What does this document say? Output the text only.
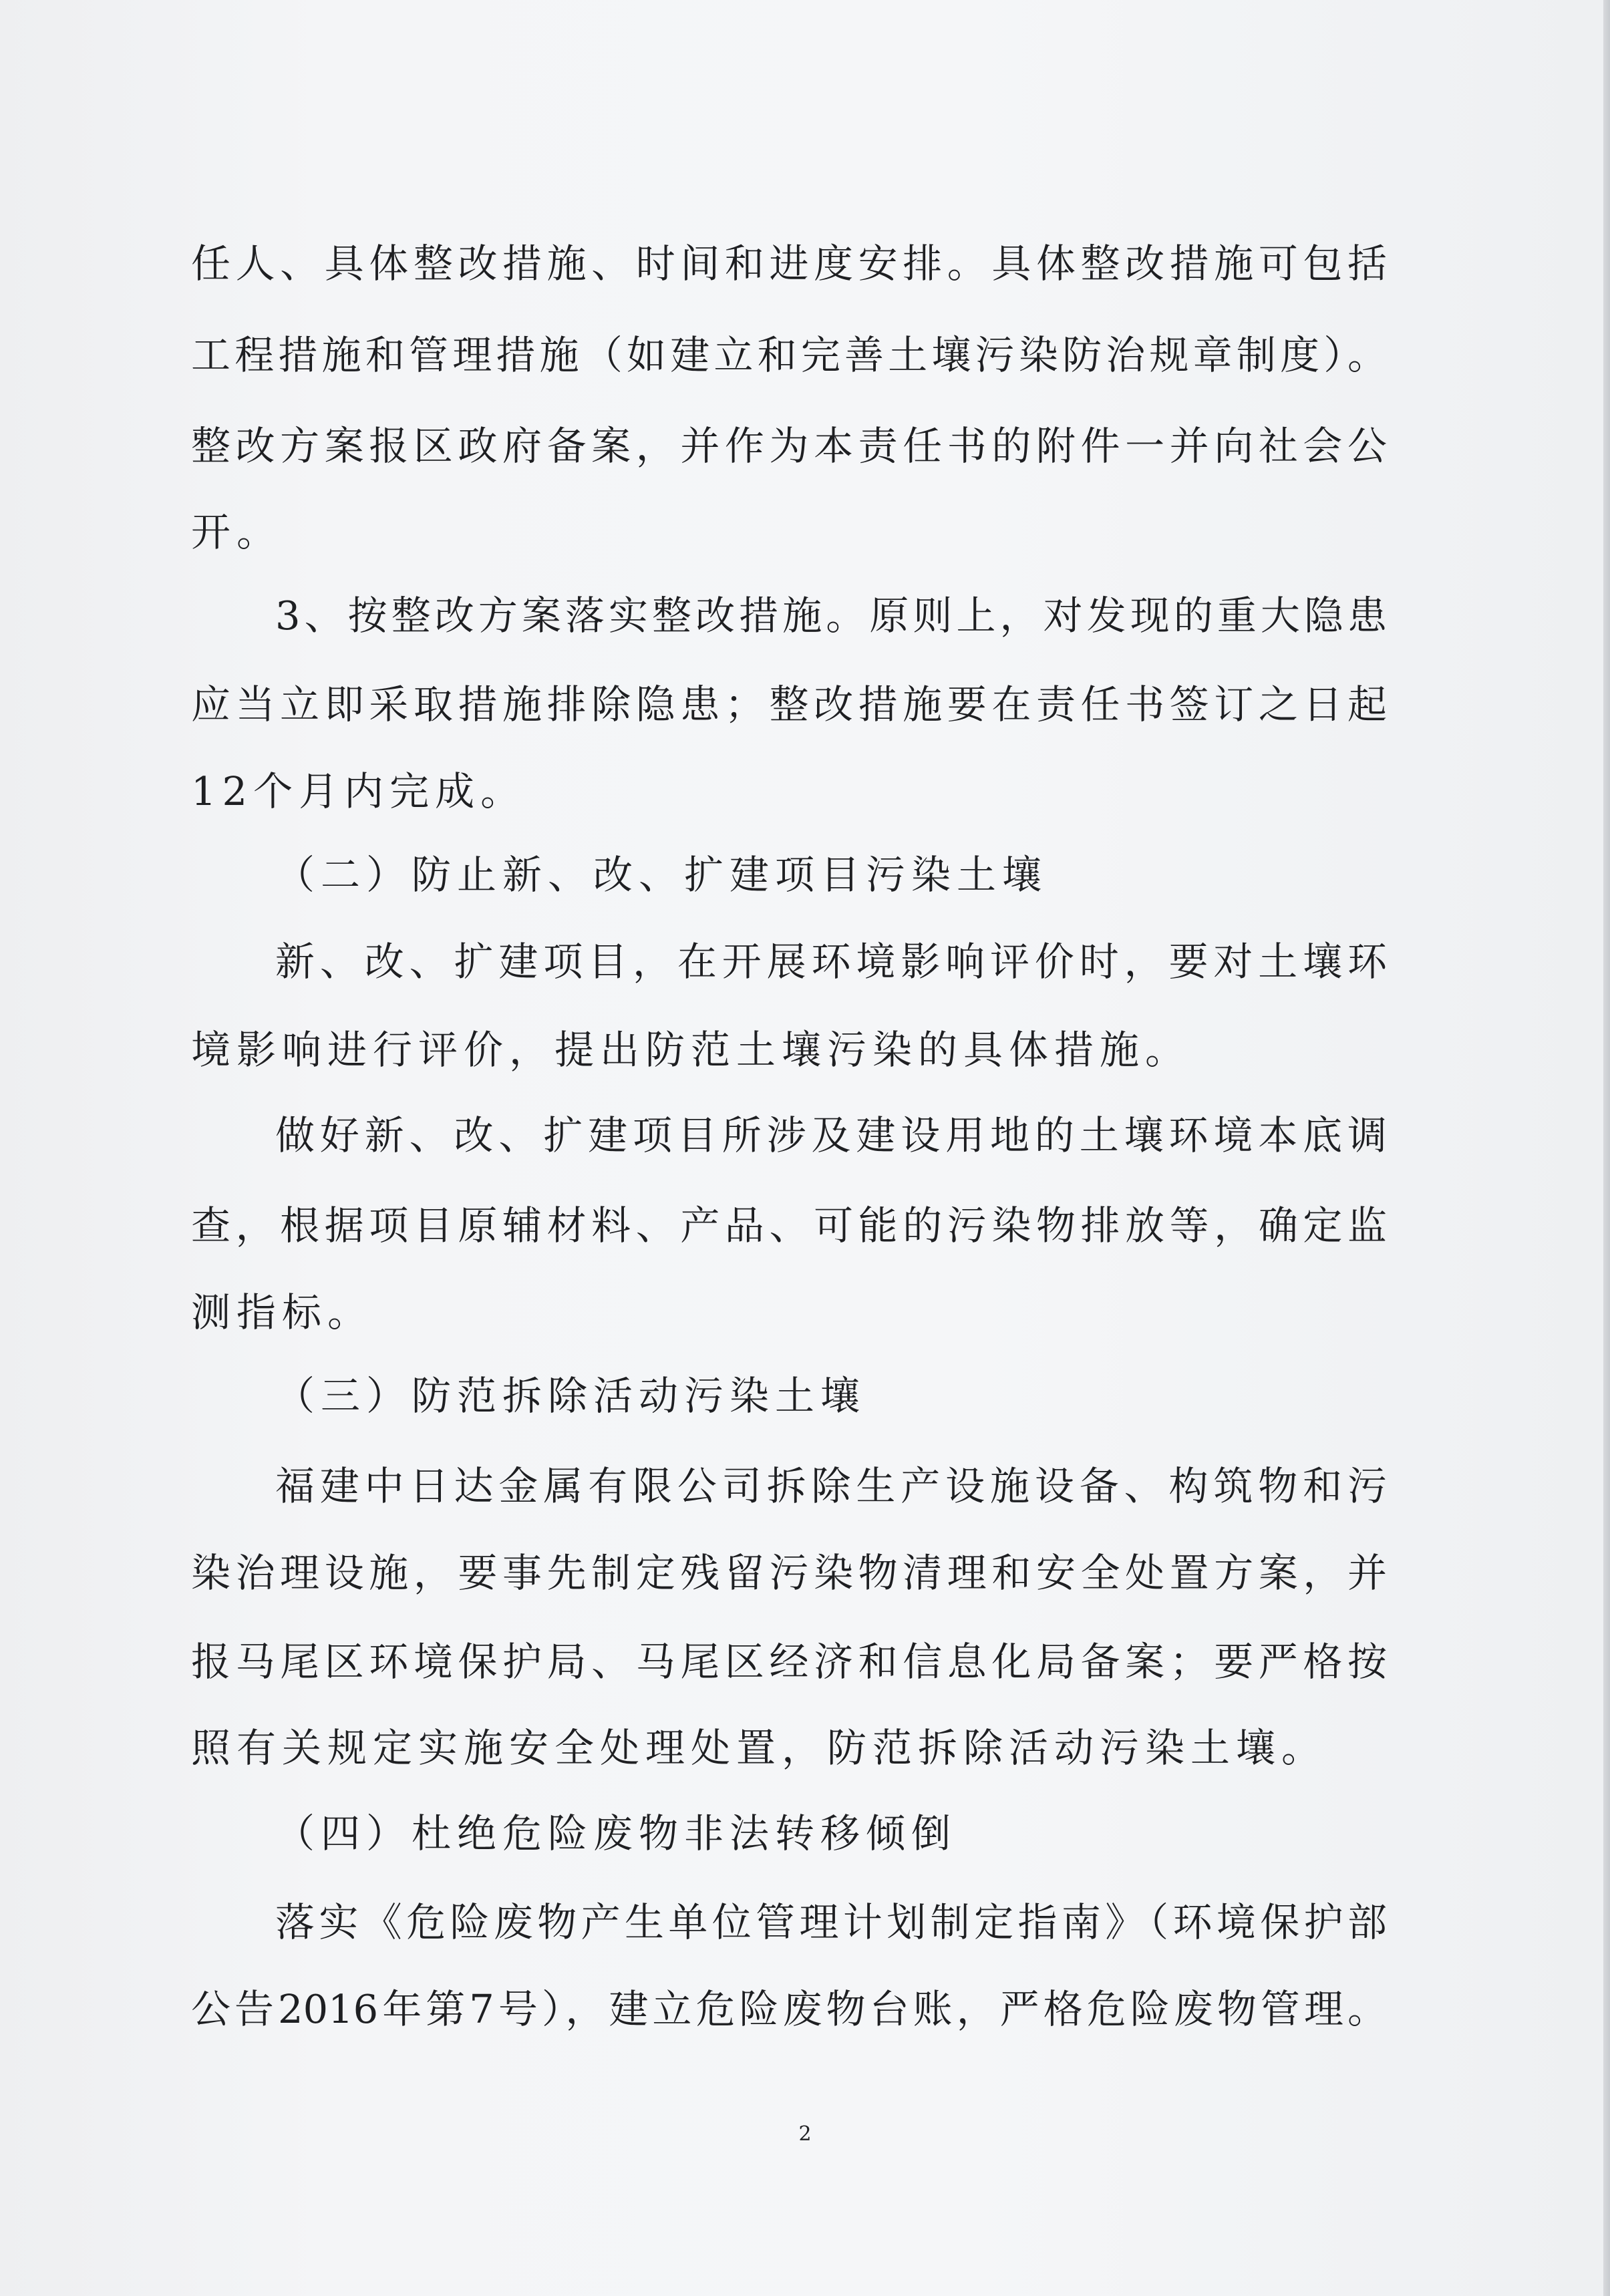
任人、具体整改措施、时间和进度安排。具体整改措施可包括
工程措施和管理措施（如建立和完善土壤污染防治规章制度）。
整改方案报区政府备案，并作为本责任书的附件一并向社会公
开。
3、按整改方案落实整改措施。原则上，对发现的重大隐患
应当立即采取措施排除隐患；整改措施要在责任书签订之日起
12个月内完成。
（二）防止新、改、扩建项目污染土壤
新、改、扩建项目，在开展环境影响评价时，要对土壤环
境影响进行评价，提出防范土壤污染的具体措施。
做好新、改、扩建项目所涉及建设用地的土壤环境本底调
查，根据项目原辅材料、产品、可能的污染物排放等，确定监
测指标。
（三）防范拆除活动污染土壤
福建中日达金属有限公司拆除生产设施设备、构筑物和污
染治理设施，要事先制定残留污染物清理和安全处置方案，并
报马尾区环境保护局、马尾区经济和信息化局备案；要严格按
照有关规定实施安全处理处置，防范拆除活动污染土壤。
（四）杜绝危险废物非法转移倾倒
落实《危险废物产生单位管理计划制定指南》（环境保护部
公告2016年第7号），建立危险废物台账，严格危险废物管理。
2
